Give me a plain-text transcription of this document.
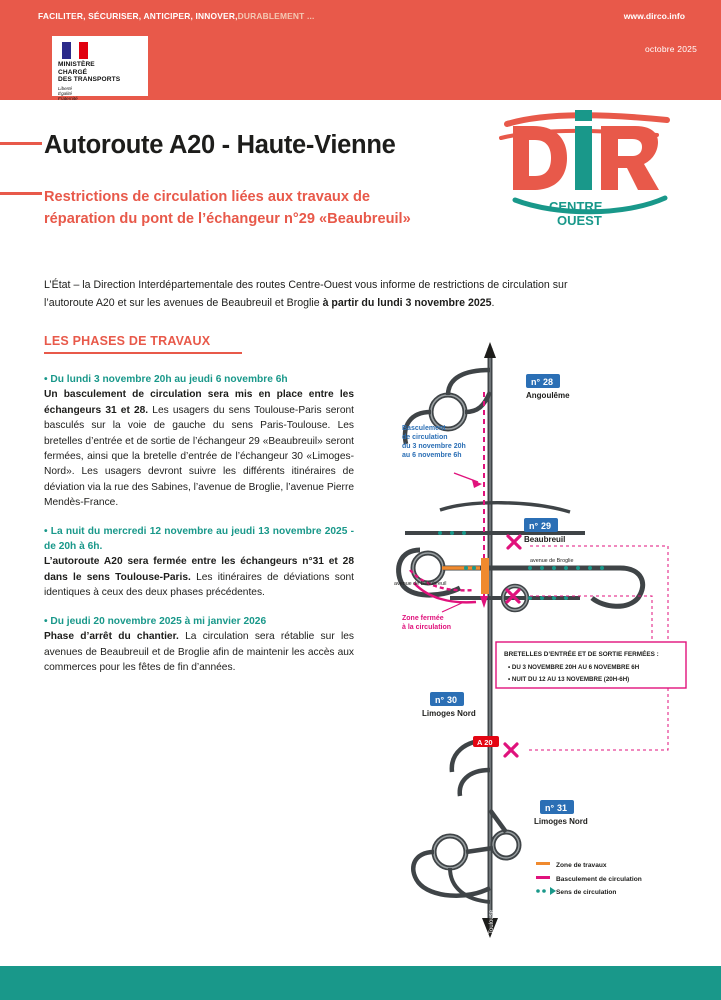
octobre 2025
MINISTÈRE
CHARGÉ
DES TRANSPORTS
Liberté
Égalité
Fraternité
Autoroute A20 - Haute-Vienne
Restrictions de circulation liées aux travaux de réparation du pont de l’échangeur n°29 «Beaubreuil»
L’État – la Direction Interdépartementale des routes Centre-Ouest vous informe de restrictions de circulation sur l’autoroute A20 et sur les avenues de Beaubreuil et Broglie à partir du lundi 3 novembre 2025.
LES PHASES DE TRAVAUX
• Du lundi 3 novembre 20h au jeudi 6 novembre 6h

Un basculement de circulation sera mis en place entre les échangeurs 31 et 28. Les usagers du sens Toulouse-Paris seront basculés sur la voie de gauche du sens Paris-Toulouse. Les bretelles d’entrée et de sortie de l’échangeur 29 «Beaubreuil» seront fermées, ainsi que la bretelle d’entrée de l’échangeur 30 «Limoges-Nord». Les usagers devront suivre les différents itinéraires de déviation via la rue des Sabines, l’avenue de Broglie, l’avenue Pierre Mendès-France.

• La nuit du mercredi 12 novembre au jeudi 13 novembre 2025 - de 20h à 6h.

L’autoroute A20 sera fermée entre les échangeurs n°31 et 28 dans le sens Toulouse-Paris. Les itinéraires de déviations sont identiques à ceux des deux phases précédentes.

• Du jeudi 20 novembre 2025 à mi janvier 2026

Phase d’arrêt du chantier. La circulation sera rétablie sur les avenues de Beaubreuil et de Broglie afin de maintenir les accès aux commerces pour les fêtes de fin d’années.

CENTRE
OUEST
Toulouse
n° 28
Angoulême
n° 29
Beaubreuil
n° 30
Limoges Nord
n° 31
Limoges Nord
A 20
Basculement de circulation du 3 novembre 20h au 6 novembre 6h
avenue de Beaubreuil
avenue de Broglie
Zone fermée à la circulation
BRETELLES D’ENTRÉE ET DE SORTIE FERMÉES :
• DU 3 NOVEMBRE 20H AU 6 NOVEMBRE 6H
• NUIT DU 12 AU 13 NOVEMBRE (20H-6H)
Zone de travaux
Basculement de circulation
Sens de circulation
FACILITER, SÉCURISER, ANTICIPER, INNOVER,DURABLEMENT ...	www.dirco.info
